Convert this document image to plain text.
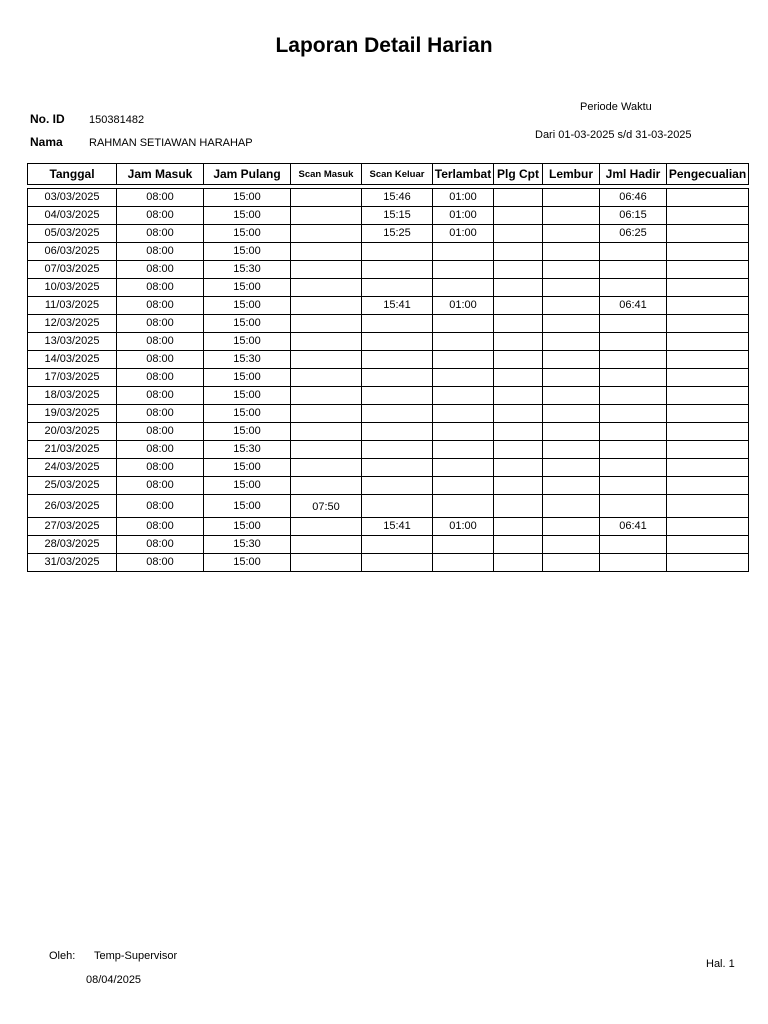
Laporan Detail Harian
Periode Waktu
Dari 01-03-2025 s/d 31-03-2025
No. ID 150381482
Nama RAHMAN SETIAWAN HARAHAP
Tanggal	Jam Masuk	Jam Pulang	Scan Masuk	Scan Keluar	Terlambat	Plg Cpt	Lembur	Jml Hadir	Pengecualian

03/03/2025	08:00	15:00		15:46	01:00			06:46	
04/03/2025	08:00	15:00		15:15	01:00			06:15	
05/03/2025	08:00	15:00		15:25	01:00			06:25	
06/03/2025	08:00	15:00							
07/03/2025	08:00	15:30							
10/03/2025	08:00	15:00							
11/03/2025	08:00	15:00		15:41	01:00			06:41	
12/03/2025	08:00	15:00							
13/03/2025	08:00	15:00							
14/03/2025	08:00	15:30							
17/03/2025	08:00	15:00							
18/03/2025	08:00	15:00							
19/03/2025	08:00	15:00							
20/03/2025	08:00	15:00							
21/03/2025	08:00	15:30							
24/03/2025	08:00	15:00							
25/03/2025	08:00	15:00							
26/03/2025	08:00	15:00	07:50						
27/03/2025	08:00	15:00		15:41	01:00			06:41	
28/03/2025	08:00	15:30							
31/03/2025	08:00	15:00							
Oleh: Temp-Supervisor
08/04/2025
Hal. 1
